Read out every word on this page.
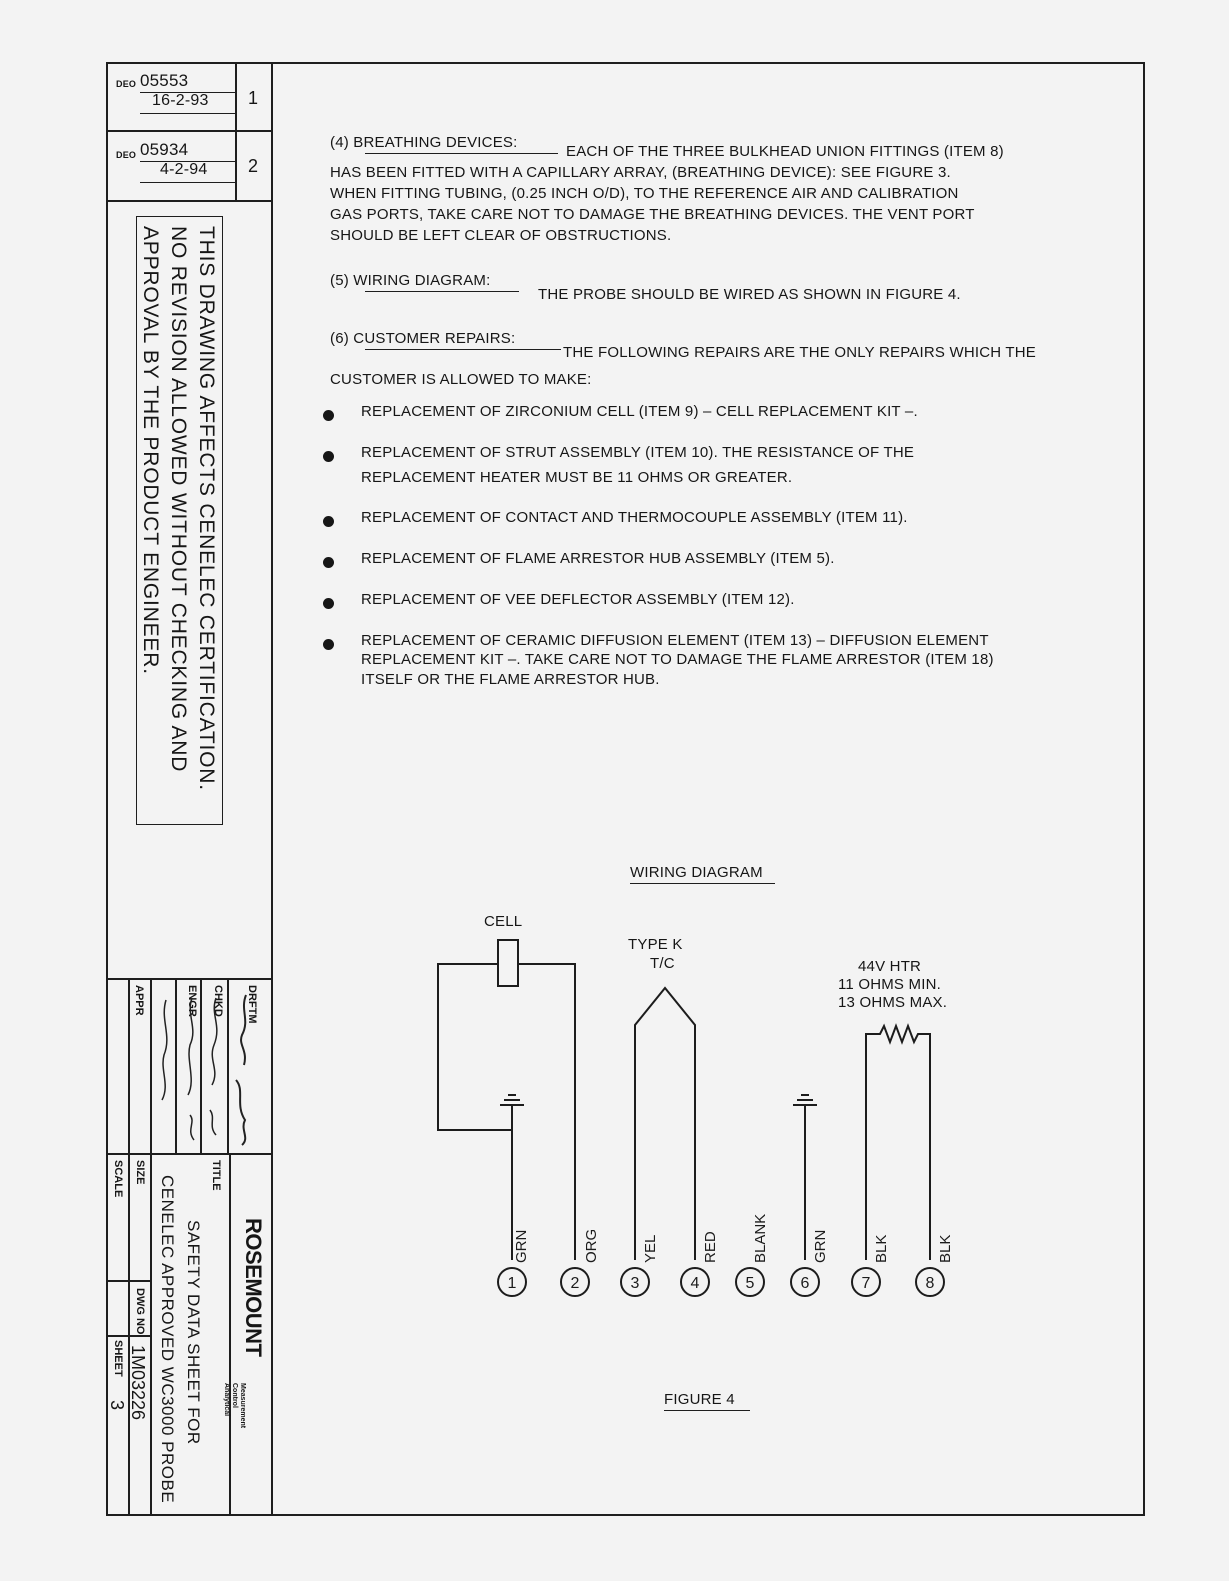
DEO 05553
16-2-93 1
DEO 05934
4-2-94 2
THIS DRAWING AFFECTS CENELEC CERTIFICATION.
NO REVISION ALLOWED WITHOUT CHECKING AND
APPROVAL BY THE PRODUCT ENGINEER.
DRFTM
CHKD
ENGR
APPR
ROSEMOUNT
Measurement Control Analytical
TITLE
SAFETY DATA SHEET FOR
CENELEC APPROVED WC3000 PROBE
SIZE
SCALE
DWG NO
1M03226
SHEET
3
(4) BREATHING DEVICES:
EACH OF THE THREE BULKHEAD UNION FITTINGS (ITEM 8)
HAS BEEN FITTED WITH A CAPILLARY ARRAY, (BREATHING DEVICE): SEE FIGURE 3.
WHEN FITTING TUBING, (0.25 INCH O/D), TO THE REFERENCE AIR AND CALIBRATION
GAS PORTS, TAKE CARE NOT TO DAMAGE THE BREATHING DEVICES. THE VENT PORT
SHOULD BE LEFT CLEAR OF OBSTRUCTIONS.
(5) WIRING DIAGRAM:
THE PROBE SHOULD BE WIRED AS SHOWN IN FIGURE 4.
(6) CUSTOMER REPAIRS:
THE FOLLOWING REPAIRS ARE THE ONLY REPAIRS WHICH THE
CUSTOMER IS ALLOWED TO MAKE:
REPLACEMENT OF ZIRCONIUM CELL (ITEM 9) – CELL REPLACEMENT KIT –.
REPLACEMENT OF STRUT ASSEMBLY (ITEM 10). THE RESISTANCE OF THE
REPLACEMENT HEATER MUST BE 11 OHMS OR GREATER.
REPLACEMENT OF CONTACT AND THERMOCOUPLE ASSEMBLY (ITEM 11).
REPLACEMENT OF FLAME ARRESTOR HUB ASSEMBLY (ITEM 5).
REPLACEMENT OF VEE DEFLECTOR ASSEMBLY (ITEM 12).
REPLACEMENT OF CERAMIC DIFFUSION ELEMENT (ITEM 13) – DIFFUSION ELEMENT
REPLACEMENT KIT –. TAKE CARE NOT TO DAMAGE THE FLAME ARRESTOR (ITEM 18)
ITSELF OR THE FLAME ARRESTOR HUB.
WIRING DIAGRAM
CELL
TYPE K
T/C	44V HTR
11 OHMS MIN.
13 OHMS MAX.
1	2	3	4	5	6	7	8
GRN	ORG	YEL	RED BLANK	GRN	BLK	BLK
FIGURE 4
